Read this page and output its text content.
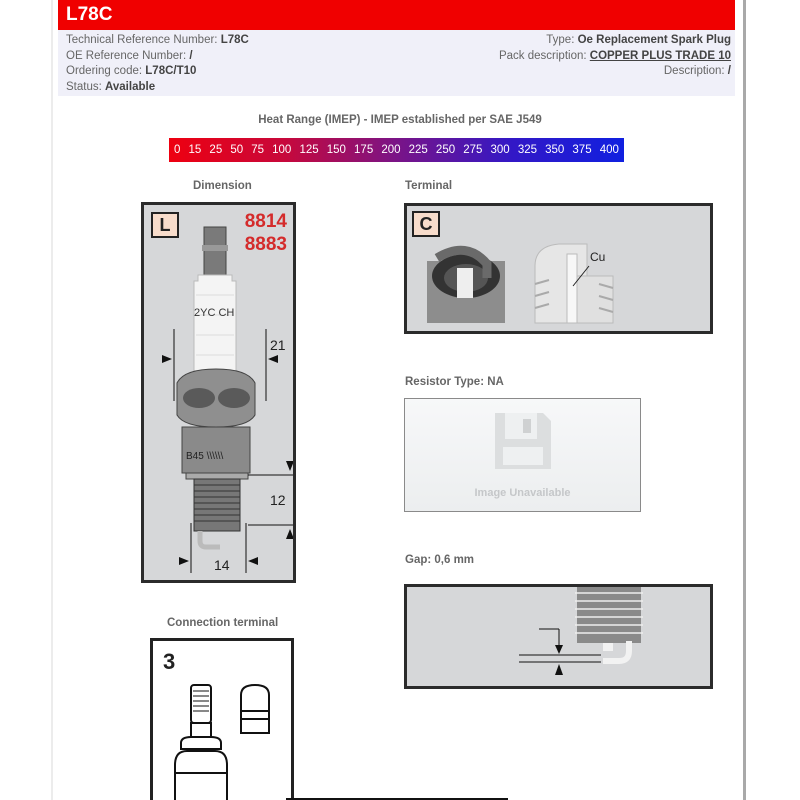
L78C
Technical Reference Number: L78C
OE Reference Number: /
Ordering code: L78C/T10
Status: Available
Type: Oe Replacement Spark Plug
Pack description: COPPER PLUS TRADE 10
Description: /
Heat Range (IMEP) - IMEP established per SAE J549
0 15 25 50 75 100 125 150 175 200 225 250 275 300 325 350 375 400
Dimension
L	8814
8883
2YC CH
B45 \\\\\\
21
12
14
Terminal
C
Cu
Resistor Type: NA
Image Unavailable
Gap: 0,6 mm
Connection terminal
3
